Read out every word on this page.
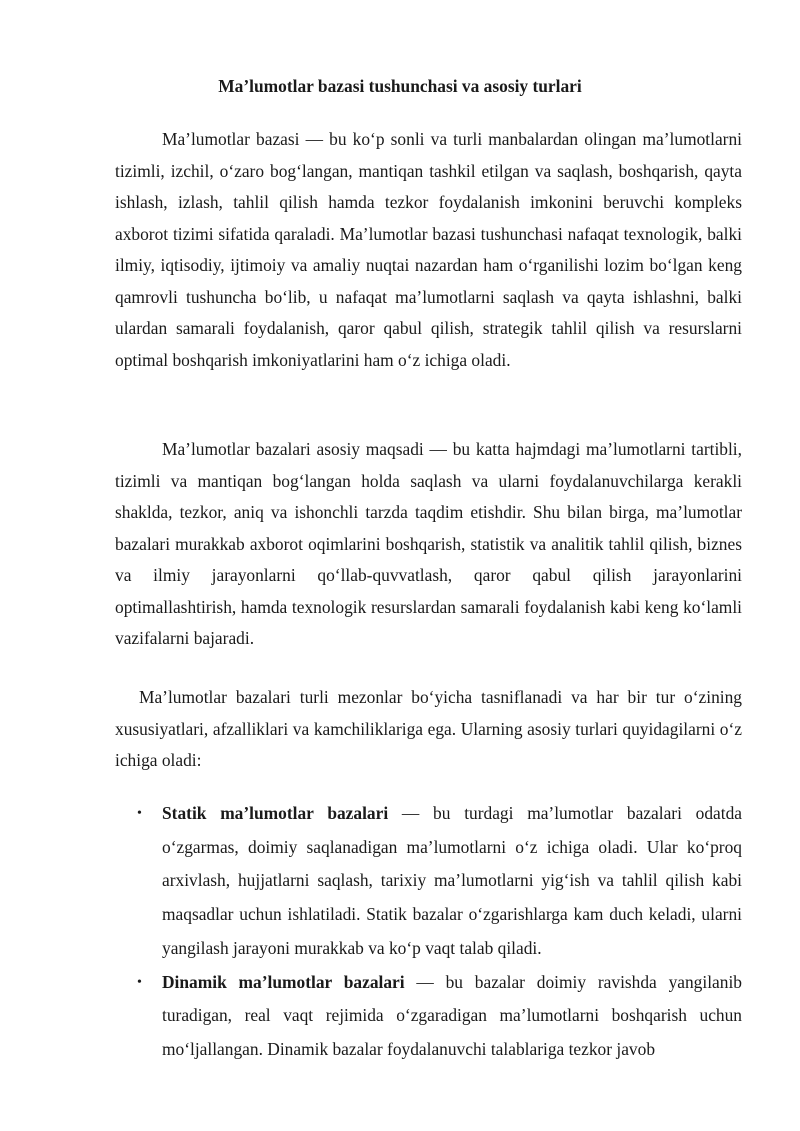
Ma’lumotlar bazasi tushunchasi va asosiy turlari

Ma’lumotlar bazasi — bu ko‘p sonli va turli manbalardan olingan ma’lumotlarni tizimli, izchil, o‘zaro bog‘langan, mantiqan tashkil etilgan va saqlash, boshqarish, qayta ishlash, izlash, tahlil qilish hamda tezkor foydalanish imkonini beruvchi kompleks axborot tizimi sifatida qaraladi. Ma’lumotlar bazasi tushunchasi nafaqat texnologik, balki ilmiy, iqtisodiy, ijtimoiy va amaliy nuqtai nazardan ham o‘rganilishi lozim bo‘lgan keng qamrovli tushuncha bo‘lib, u nafaqat ma’lumotlarni saqlash va qayta ishlashni, balki ulardan samarali foydalanish, qaror qabul qilish, strategik tahlil qilish va resurslarni optimal boshqarish imkoniyatlarini ham o‘z ichiga oladi.

Ma’lumotlar bazalari asosiy maqsadi — bu katta hajmdagi ma’lumotlarni tartibli, tizimli va mantiqan bog‘langan holda saqlash va ularni foydalanuvchilarga kerakli shaklda, tezkor, aniq va ishonchli tarzda taqdim etishdir. Shu bilan birga, ma’lumotlar bazalari murakkab axborot oqimlarini boshqarish, statistik va analitik tahlil qilish, biznes va ilmiy jarayonlarni qo‘llab-quvvatlash, qaror qabul qilish jarayonlarini optimallashtirish, hamda texnologik resurslardan samarali foydalanish kabi keng ko‘lamli vazifalarni bajaradi.

Ma’lumotlar bazalari turli mezonlar bo‘yicha tasniflanadi va har bir tur o‘zining xususiyatlari, afzalliklari va kamchiliklariga ega. Ularning asosiy turlari quyidagilarni o‘z ichiga oladi:

• Statik ma’lumotlar bazalari — bu turdagi ma’lumotlar bazalari odatda o‘zgarmas, doimiy saqlanadigan ma’lumotlarni o‘z ichiga oladi. Ular ko‘proq arxivlash, hujjatlarni saqlash, tarixiy ma’lumotlarni yig‘ish va tahlil qilish kabi maqsadlar uchun ishlatiladi. Statik bazalar o‘zgarishlarga kam duch keladi, ularni yangilash jarayoni murakkab va ko‘p vaqt talab qiladi.
• Dinamik ma’lumotlar bazalari — bu bazalar doimiy ravishda yangilanib turadigan, real vaqt rejimida o‘zgaradigan ma’lumotlarni boshqarish uchun mo‘ljallangan. Dinamik bazalar foydalanuvchi talablariga tezkor javob
